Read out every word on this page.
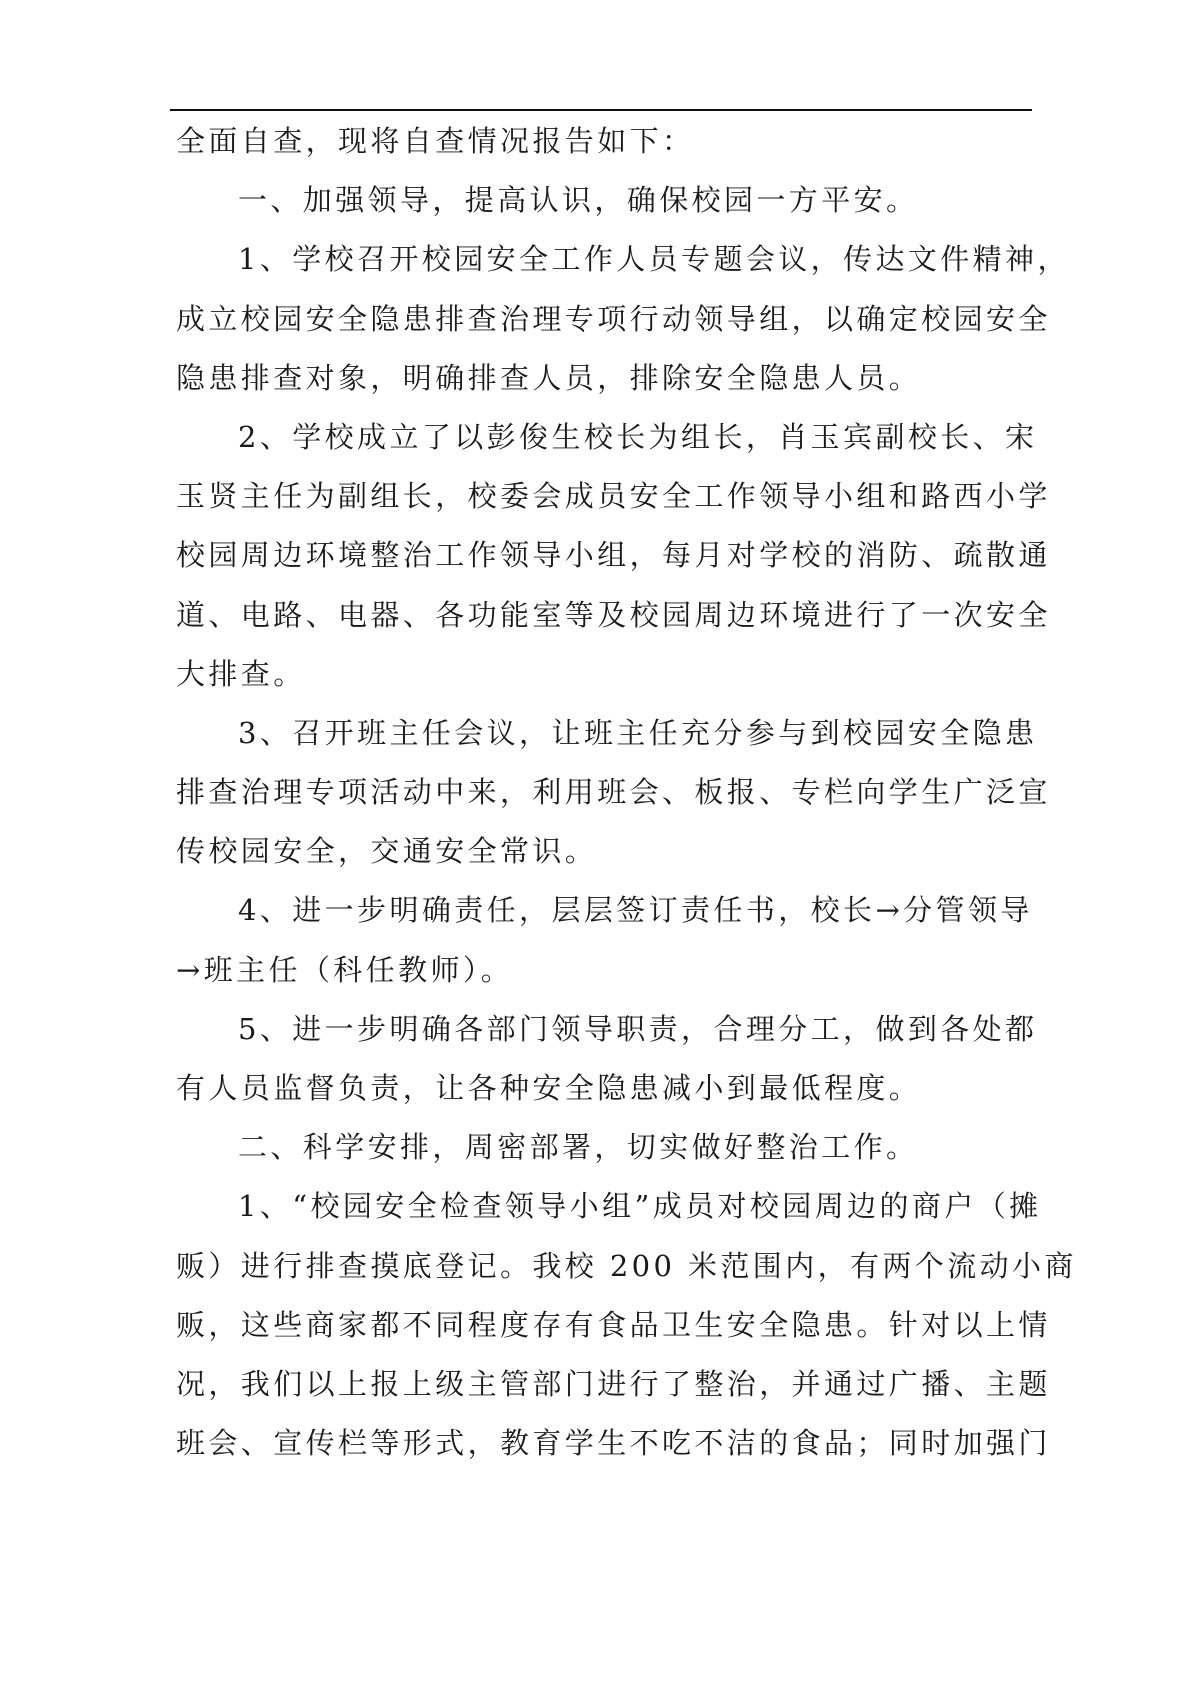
全面自查，现将自查情况报告如下：
一、加强领导，提高认识，确保校园一方平安。
1、学校召开校园安全工作人员专题会议，传达文件精神，
成立校园安全隐患排查治理专项行动领导组，以确定校园安全
隐患排查对象，明确排查人员，排除安全隐患人员。
2、学校成立了以彭俊生校长为组长，肖玉宾副校长、宋
玉贤主任为副组长，校委会成员安全工作领导小组和路西小学
校园周边环境整治工作领导小组，每月对学校的消防、疏散通
道、电路、电器、各功能室等及校园周边环境进行了一次安全
大排查。
3、召开班主任会议，让班主任充分参与到校园安全隐患
排查治理专项活动中来，利用班会、板报、专栏向学生广泛宣
传校园安全，交通安全常识。
4、进一步明确责任，层层签订责任书，校长→分管领导
→班主任（科任教师）。
5、进一步明确各部门领导职责，合理分工，做到各处都
有人员监督负责，让各种安全隐患减小到最低程度。
二、科学安排，周密部署，切实做好整治工作。
1、“校园安全检查领导小组”成员对校园周边的商户（摊
贩）进行排查摸底登记。我校 200 米范围内，有两个流动小商
贩，这些商家都不同程度存有食品卫生安全隐患。针对以上情
况，我们以上报上级主管部门进行了整治，并通过广播、主题
班会、宣传栏等形式，教育学生不吃不洁的食品；同时加强门
